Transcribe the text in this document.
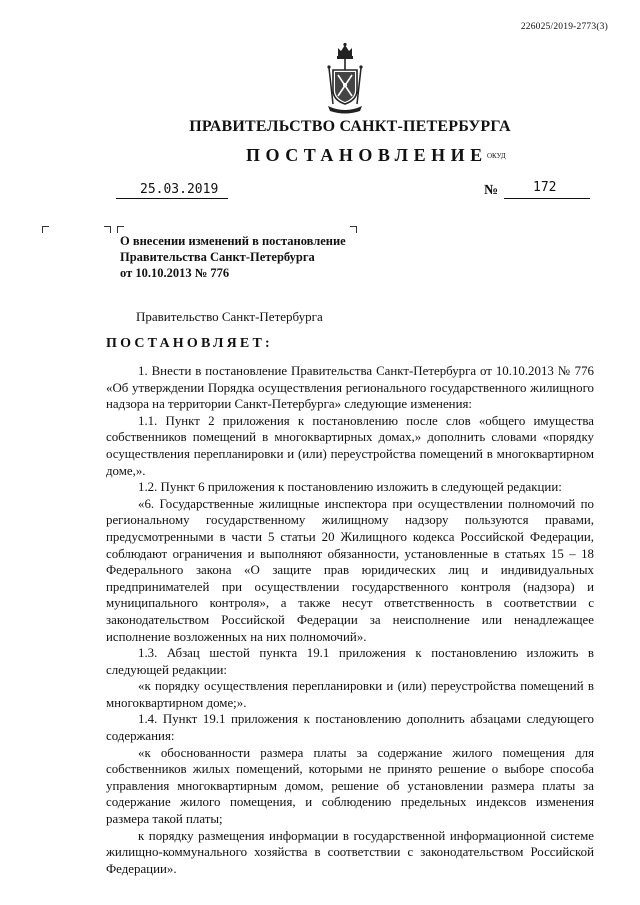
226025/2019-2773(3)
ПРАВИТЕЛЬСТВО САНКТ-ПЕТЕРБУРГА
ПОСТАНОВЛЕНИЕ ОКУД
25.03.2019	№	172
О внесении изменений в постановление
Правительства Санкт-Петербурга
от 10.10.2013 № 776
Правительство Санкт-Петербурга
ПОСТАНОВЛЯЕТ:

1. Внести в постановление Правительства Санкт-Петербурга от 10.10.2013 № 776 «Об утверждении Порядка осуществления регионального государственного жилищного надзора на территории Санкт-Петербурга» следующие изменения:

1.1. Пункт 2 приложения к постановлению после слов «общего имущества собственников помещений в многоквартирных домах,» дополнить словами «порядку осуществления перепланировки и (или) переустройства помещений в многоквартирном доме,».

1.2. Пункт 6 приложения к постановлению изложить в следующей редакции:

«6. Государственные жилищные инспектора при осуществлении полномочий по региональному государственному жилищному надзору пользуются правами, предусмотренными в части 5 статьи 20 Жилищного кодекса Российской Федерации, соблюдают ограничения и выполняют обязанности, установленные в статьях 15 – 18 Федерального закона «О защите прав юридических лиц и индивидуальных предпринимателей при осуществлении государственного контроля (надзора) и муниципального контроля», а также несут ответственность в соответствии с законодательством Российской Федерации за неисполнение или ненадлежащее исполнение возложенных на них полномочий».

1.3. Абзац шестой пункта 19.1 приложения к постановлению изложить в следующей редакции:

«к порядку осуществления перепланировки и (или) переустройства помещений в многоквартирном доме;».

1.4. Пункт 19.1 приложения к постановлению дополнить абзацами следующего содержания:

«к обоснованности размера платы за содержание жилого помещения для собственников жилых помещений, которыми не принято решение о выборе способа управления многоквартирным домом, решение об установлении размера платы за содержание жилого помещения, и соблюдению предельных индексов изменения размера такой платы;

к порядку размещения информации в государственной информационной системе жилищно-коммунального хозяйства в соответствии с законодательством Российской Федерации».
